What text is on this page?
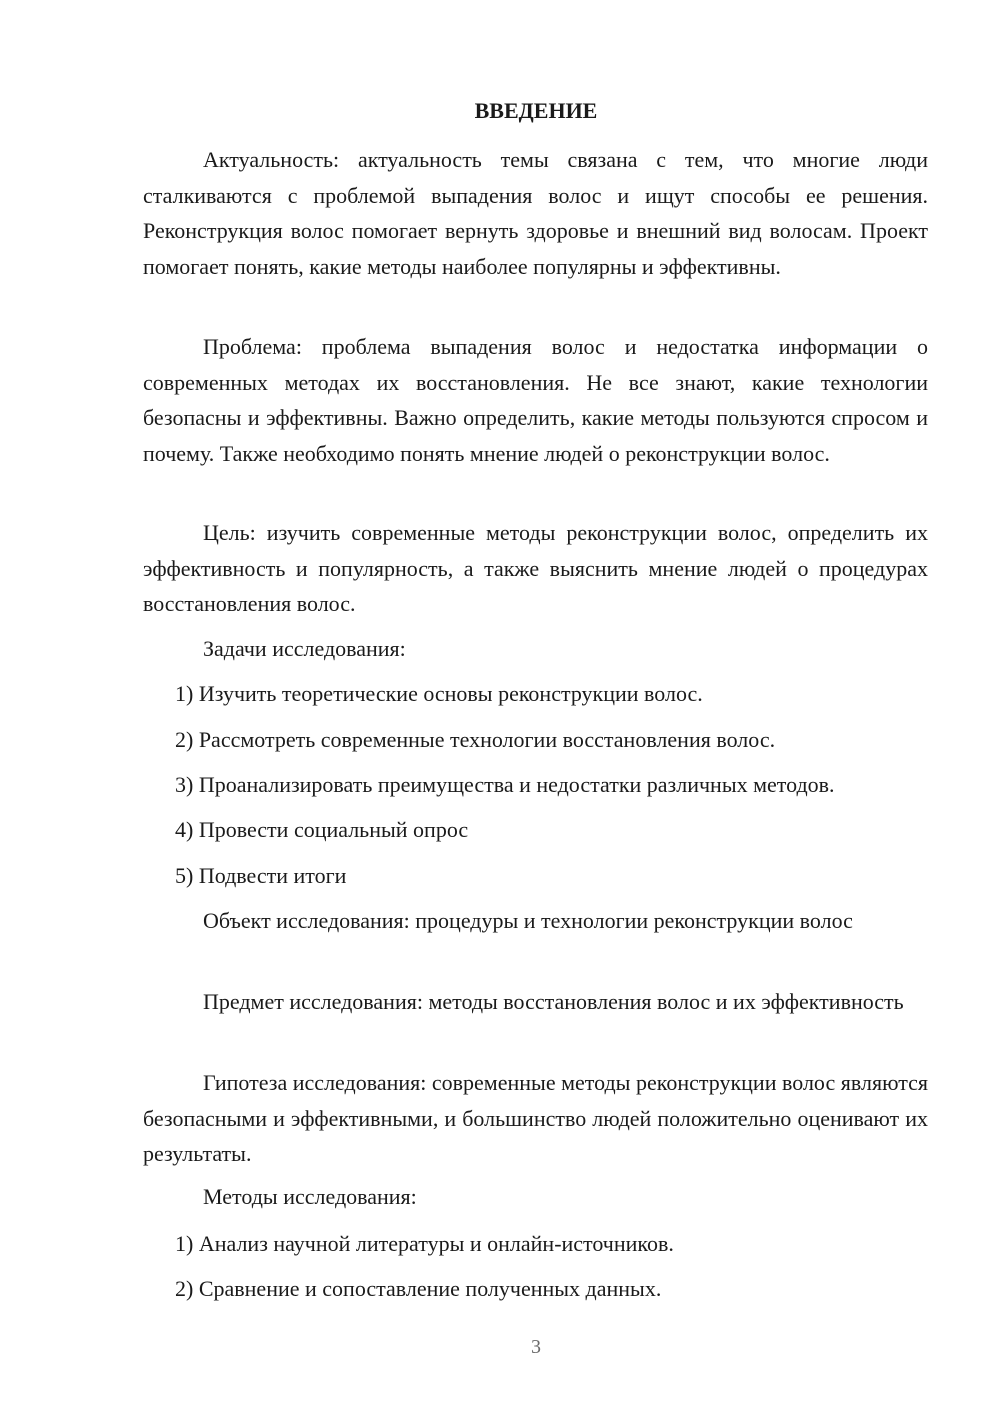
ВВЕДЕНИЕ

Актуальность: актуальность темы связана с тем, что многие люди сталкиваются с проблемой выпадения волос и ищут способы ее решения. Реконструкция волос помогает вернуть здоровье и внешний вид волосам. Проект помогает понять, какие методы наиболее популярны и эффективны.

Проблема: проблема выпадения волос и недостатка информации о современных методах их восстановления. Не все знают, какие технологии безопасны и эффективны. Важно определить, какие методы пользуются спросом и почему. Также необходимо понять мнение людей о реконструкции волос.

Цель: изучить современные методы реконструкции волос, определить их эффективность и популярность, а также выяснить мнение людей о процедурах восстановления волос.

Задачи исследования:

1) Изучить теоретические основы реконструкции волос.

2) Рассмотреть современные технологии восстановления волос.

3) Проанализировать преимущества и недостатки различных методов.

4) Провести социальный опрос

5) Подвести итоги

Объект исследования: процедуры и технологии реконструкции волос

Предмет исследования: методы восстановления волос и их эффективность

Гипотеза исследования: современные методы реконструкции волос являются безопасными и эффективными, и большинство людей положительно оценивают их результаты.

Методы исследования:

1) Анализ научной литературы и онлайн-источников.

2) Сравнение и сопоставление полученных данных.

3
